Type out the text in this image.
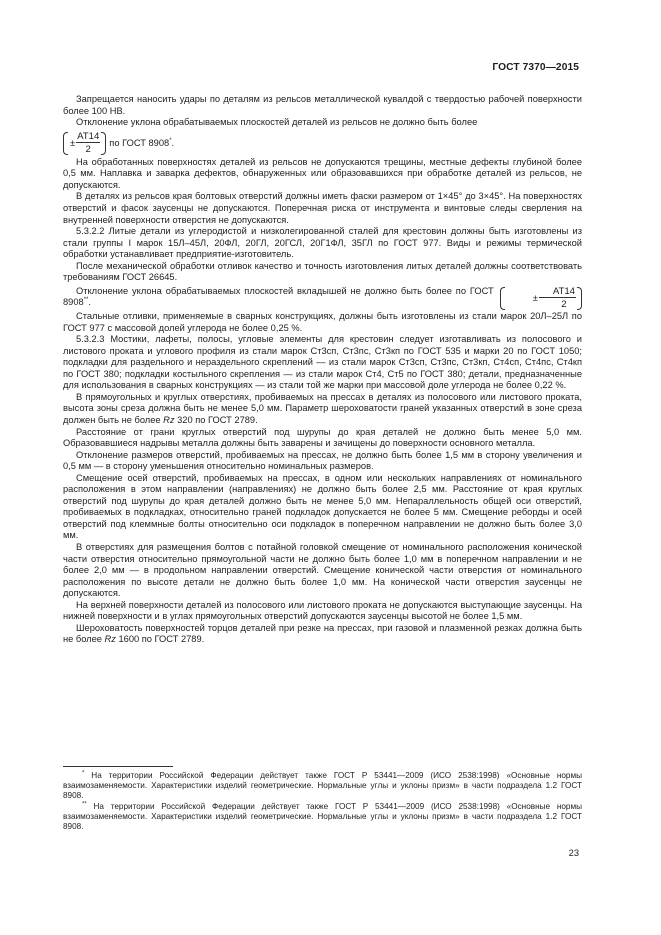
ГОСТ 7370—2015

Запрещается наносить удары по деталям из рельсов металлической кувалдой с твердостью рабочей поверхности более 100 НВ.

Отклонение уклона обрабатываемых плоскостей деталей из рельсов не должно быть более

± $\frac{АТ14}{2}$ по ГОСТ 8908*.

На обработанных поверхностях деталей из рельсов не допускаются трещины, местные дефекты глубиной более 0,5 мм. Наплавка и заварка дефектов, обнаруженных или образовавшихся при обработке деталей из рельсов, не допускаются.

В деталях из рельсов края болтовых отверстий должны иметь фаски размером от 1×45° до 3×45°. На поверхностях отверстий и фасок заусенцы не допускаются. Поперечная риска от инструмента и винтовые следы сверления на внутренней поверхности отверстия не допускаются.

5.3.2.2 Литые детали из углеродистой и низколегированной сталей для крестовин должны быть изготовлены из стали группы I марок 15Л–45Л, 20ФЛ, 20ГЛ, 20ГСЛ, 20Г1ФЛ, 35ГЛ по ГОСТ 977. Виды и режимы термической обработки устанавливает предприятие-изготовитель.

После механической обработки отливок качество и точность изготовления литых деталей должны соответствовать требованиям ГОСТ 26645.

± $\frac{АТ14}{2}$
Отклонение уклона обрабатываемых плоскостей вкладышей не должно быть более по ГОСТ 8908**.

Стальные отливки, применяемые в сварных конструкциях, должны быть изготовлены из стали марок 20Л–25Л по ГОСТ 977 с массовой долей углерода не более 0,25 %.

5.3.2.3 Мостики, лафеты, полосы, угловые элементы для крестовин следует изготавливать из полосового и листового проката и углового профиля из стали марок Ст3сп, Ст3пс, Ст3кп по ГОСТ 535 и марки 20 по ГОСТ 1050; подкладки для раздельного и нераздельного скреплений — из стали марок Ст3сп, Ст3пс, Ст3кп, Ст4сп, Ст4пс, Ст4кп по ГОСТ 380; подкладки костыльного скрепления — из стали марок Ст4, Ст5 по ГОСТ 380; детали, предназначенные для использования в сварных конструкциях — из стали той же марки при массовой доле углерода не более 0,22 %.

В прямоугольных и круглых отверстиях, пробиваемых на прессах в деталях из полосового или листового проката, высота зоны среза должна быть не менее 5,0 мм. Параметр шероховатости граней указанных отверстий в зоне среза должен быть не более Rz 320 по ГОСТ 2789.

Расстояние от грани круглых отверстий под шурупы до края деталей не должно быть менее 5,0 мм. Образовавшиеся надрывы металла должны быть заварены и зачищены до поверхности основного металла.

Отклонение размеров отверстий, пробиваемых на прессах, не должно быть более 1,5 мм в сторону увеличения и 0,5 мм — в сторону уменьшения относительно номинальных размеров.

Смещение осей отверстий, пробиваемых на прессах, в одном или нескольких направлениях от номинального расположения в этом направлении (направлениях) не должно быть более 2,5 мм. Расстояние от края круглых отверстий под шурупы до края деталей должно быть не менее 5,0 мм. Непараллельность общей оси отверстий, пробиваемых в подкладках, относительно граней подкладок допускается не более 5 мм. Смещение реборды и осей отверстий под клеммные болты относительно оси подкладок в поперечном направлении не должно быть более 3,0 мм.

В отверстиях для размещения болтов с потайной головкой смещение от номинального расположения конической части отверстия относительно прямоугольной части не должно быть более 1,0 мм в поперечном направлении и не более 2,0 мм — в продольном направлении отверстий. Смещение конической части отверстия от номинального расположения по высоте детали не должно быть более 1,0 мм. На конической части отверстия заусенцы не допускаются.

На верхней поверхности деталей из полосового или листового проката не допускаются выступающие заусенцы. На нижней поверхности и в углах прямоугольных отверстий допускаются заусенцы высотой не более 1,5 мм.

Шероховатость поверхностей торцов деталей при резке на прессах, при газовой и плазменной резках должна быть не более Rz 1600 по ГОСТ 2789.

* На территории Российской Федерации действует также ГОСТ Р 53441—2009 (ИСО 2538:1998) «Основные нормы взаимозаменяемости. Характеристики изделий геометрические. Нормальные углы и уклоны призм» в части подраздела 1.2 ГОСТ 8908.

** На территории Российской Федерации действует также ГОСТ Р 53441—2009 (ИСО 2538:1998) «Основные нормы взаимозаменяемости. Характеристики изделий геометрические. Нормальные углы и уклоны призм» в части подраздела 1.2 ГОСТ 8908.

23
